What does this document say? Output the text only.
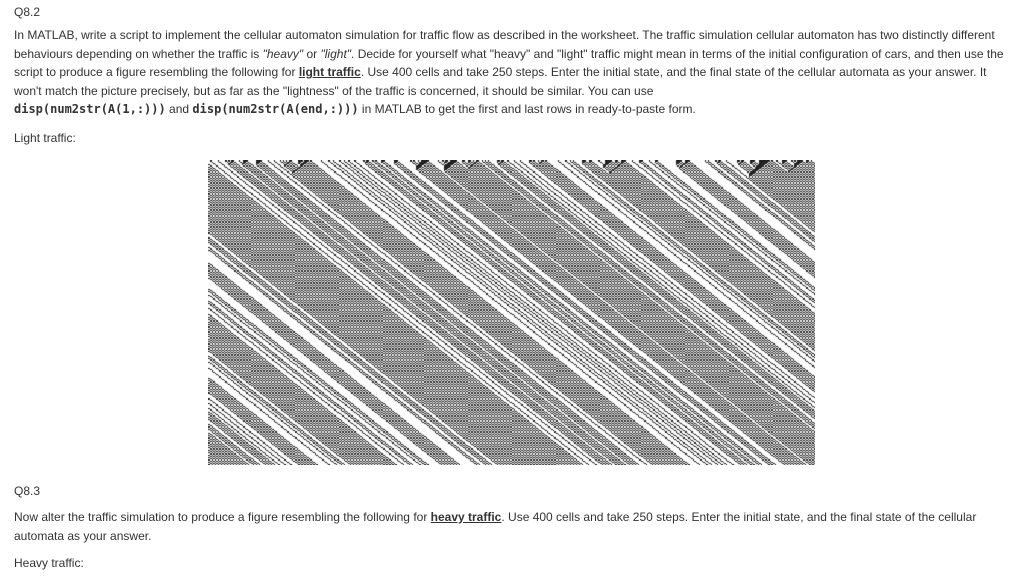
Q8.2

In MATLAB, write a script to implement the cellular automaton simulation for traffic flow as described in the worksheet. The traffic simulation cellular automaton has two distinctly different behaviours depending on whether the traffic is "heavy" or "light". Decide for yourself what "heavy" and "light" traffic might mean in terms of the initial configuration of cars, and then use the script to produce a figure resembling the following for light traffic. Use 400 cells and take 250 steps. Enter the initial state, and the final state of the cellular automata as your answer. It won't match the picture precisely, but as far as the "lightness" of the traffic is concerned, it should be similar. You can use
disp(num2str(A(1,:))) and disp(num2str(A(end,:))) in MATLAB to get the first and last rows in ready-to-paste form.

Light traffic:
Q8.3

Now alter the traffic simulation to produce a figure resembling the following for heavy traffic. Use 400 cells and take 250 steps. Enter the initial state, and the final state of the cellular automata as your answer.

Heavy traffic:
